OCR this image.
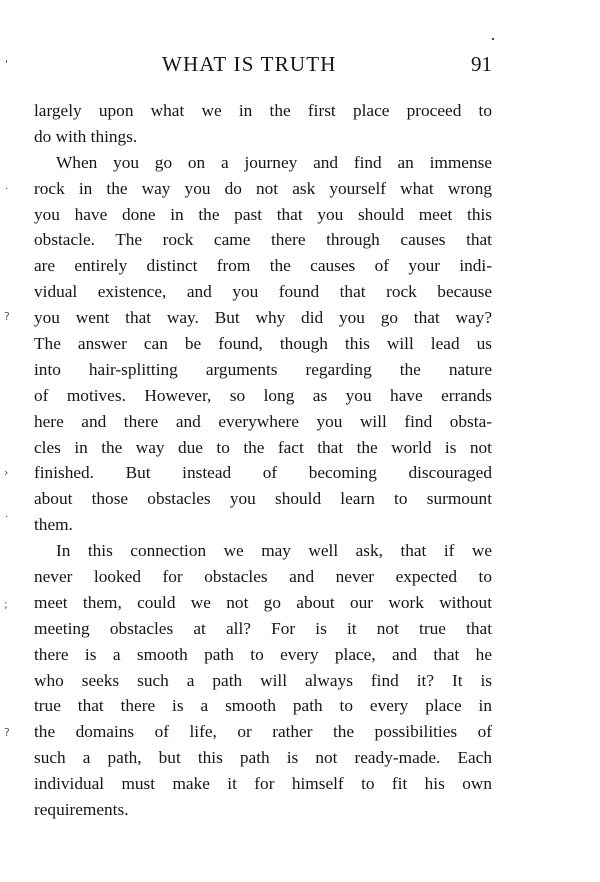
'
·
?
›
·
;
?
WHAT IS TRUTH	91
largely upon what we in the first place proceed to
do with things.
When you go on a journey and find an immense
rock in the way you do not ask yourself what wrong
you have done in the past that you should meet this
obstacle. The rock came there through causes that
are entirely distinct from the causes of your indi-
vidual existence, and you found that rock because
you went that way. But why did you go that way?
The answer can be found, though this will lead us
into hair-splitting arguments regarding the nature
of motives. However, so long as you have errands
here and there and everywhere you will find obsta-
cles in the way due to the fact that the world is not
finished. But instead of becoming discouraged
about those obstacles you should learn to surmount
them.
In this connection we may well ask, that if we
never looked for obstacles and never expected to
meet them, could we not go about our work without
meeting obstacles at all? For is it not true that
there is a smooth path to every place, and that he
who seeks such a path will always find it? It is
true that there is a smooth path to every place in
the domains of life, or rather the possibilities of
such a path, but this path is not ready-made. Each
individual must make it for himself to fit his own
requirements.
